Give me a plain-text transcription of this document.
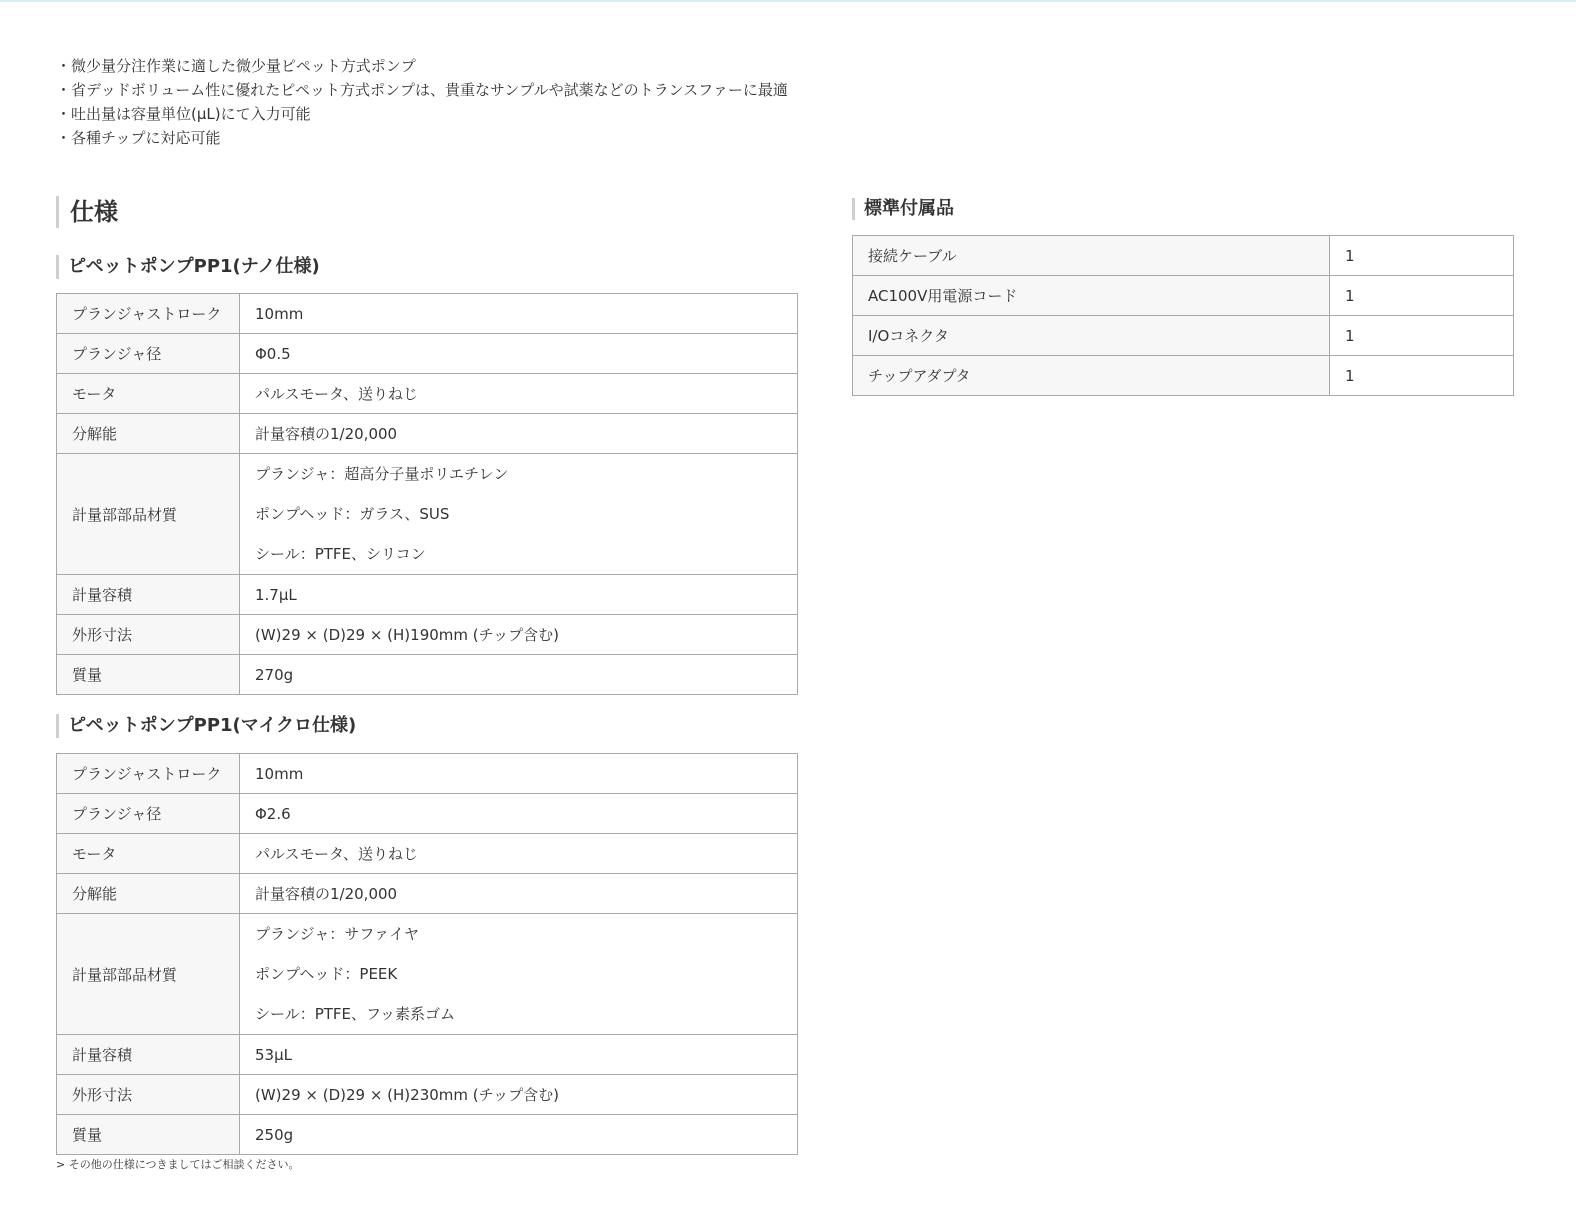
・微少量分注作業に適した微少量ピペット方式ポンプ
・省デッドボリューム性に優れたピペット方式ポンプは、貴重なサンプルや試薬などのトランスファーに最適
・吐出量は容量単位(µL)にて入力可能
・各種チップに対応可能
仕様
ピペットポンプPP1(ナノ仕様)
プランジャストローク	10mm
プランジャ径	Φ0.5
モータ	パルスモータ、送りねじ
分解能	計量容積の1/20,000
計量部部品材質	プランジャ：超高分子量ポリエチレン
ポンプヘッド：ガラス、SUS
シール：PTFE、シリコン

計量容積	1.7µL
外形寸法	(W)29 × (D)29 × (H)190mm (チップ含む)
質量	270g
ピペットポンプPP1(マイクロ仕様)
プランジャストローク	10mm
プランジャ径	Φ2.6
モータ	パルスモータ、送りねじ
分解能	計量容積の1/20,000
計量部部品材質	プランジャ：サファイヤ
ポンプヘッド：PEEK
シール：PTFE、フッ素系ゴム

計量容積	53µL
外形寸法	(W)29 × (D)29 × (H)230mm (チップ含む)
質量	250g
> その他の仕様につきましてはご相談ください。
標準付属品
接続ケーブル	1
AC100V用電源コード	1
I/Oコネクタ	1
チップアダプタ	1
